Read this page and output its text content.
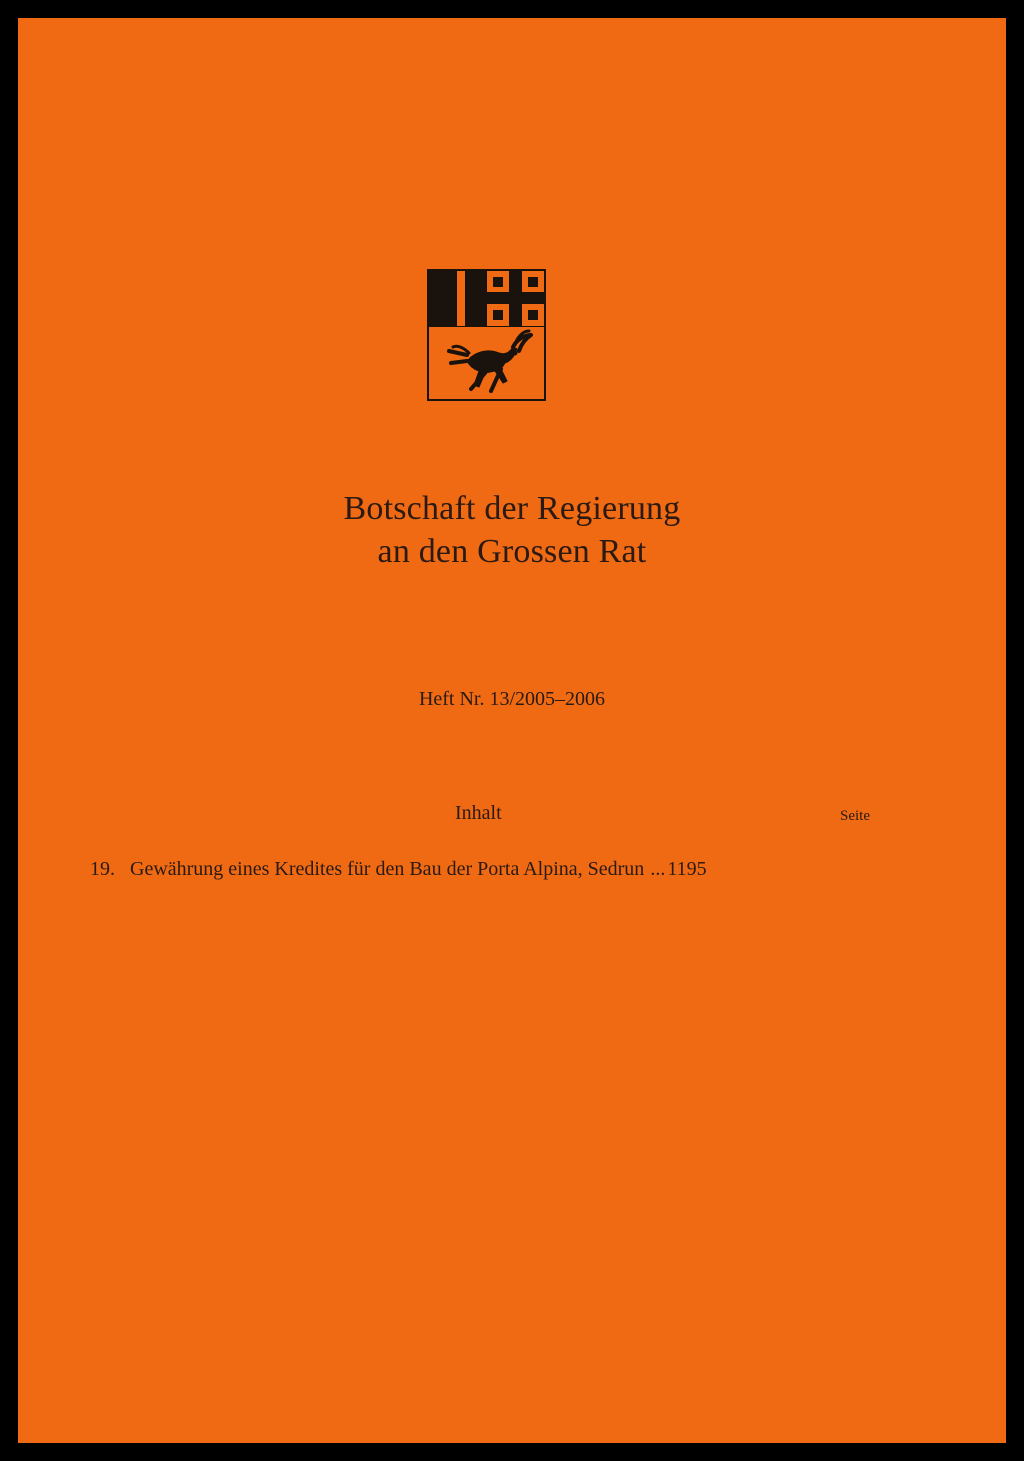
Botschaft der Regierung
an den Grossen Rat
Heft Nr. 13/2005–2006
Inhalt	Seite
19. Gewährung eines Kredites für den Bau der Porta Alpina, Sedrun ... 1195
